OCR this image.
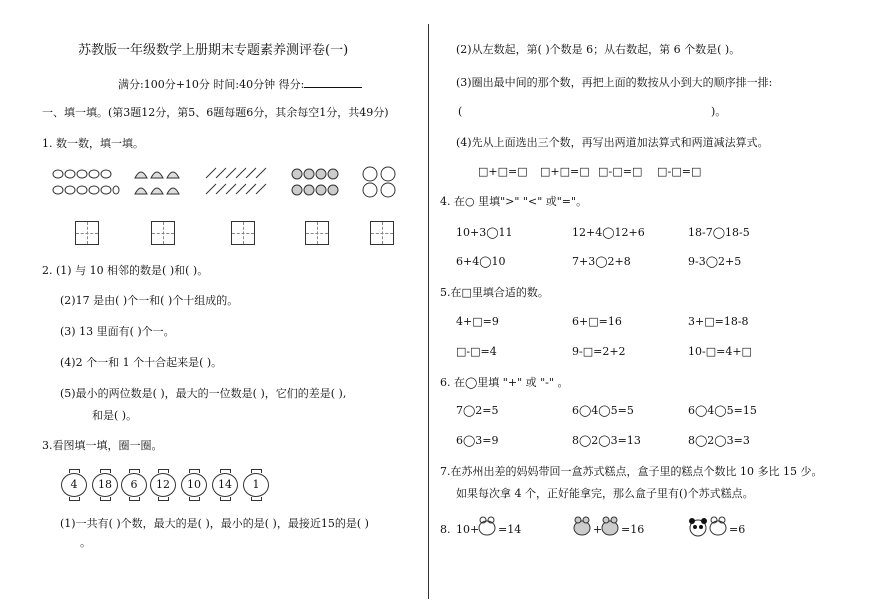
苏教版一年级数学上册期末专题素养测评卷(一)
满分:100分+10分 时间:40分钟 得分:
一、填一填。(第3题12分，第5、6题每题6分，其余每空1分，共49分)
1. 数一数，填一填。
2. (1) 与 10 相邻的数是( )和( )。
(2)17 是由( )个一和( )个十组成的。
(3) 13 里面有( )个一。
(4)2 个一和 1 个十合起来是( )。
(5)最小的两位数是( )，最大的一位数是( )，它们的差是( ),
和是( )。
3.看图填一填，圈一圈。
4	18	6	12	10	14	1
(1)一共有( )个数，最大的是( )，最小的是( )，最接近15的是( )
。
(2)从左数起，第( )个数是 6；从右数起，第 6 个数是( )。
(3)圈出最中间的那个数，再把上面的数按从小到大的顺序排一排:
(	)。
(4)先从上面选出三个数，再写出两道加法算式和两道减法算式。
□+□=□ □+□=□ □-□=□ □-□=□
4. 在○ 里填">" "<" 或"="。
10+3◯11	12+4◯12+6	18-7◯18-5
6+4◯10	7+3◯2+8	9-3◯2+5
5.在□里填合适的数。
4+□=9	6+□=16	3+□=18-8
□-□=4	9-□=2+2	10-□=4+□
6. 在◯里填 "+" 或 "-" 。
7◯2=5	6◯4◯5=5	6◯4◯5=15
6◯3=9	8◯2◯3=13	8◯2◯3=3
7.在苏州出差的妈妈带回一盒苏式糕点，盒子里的糕点个数比 10 多比 15 少。
如果每次拿 4 个，正好能拿完，那么盒子里有()个苏式糕点。
8. 10+ =14	+ =16	=6
